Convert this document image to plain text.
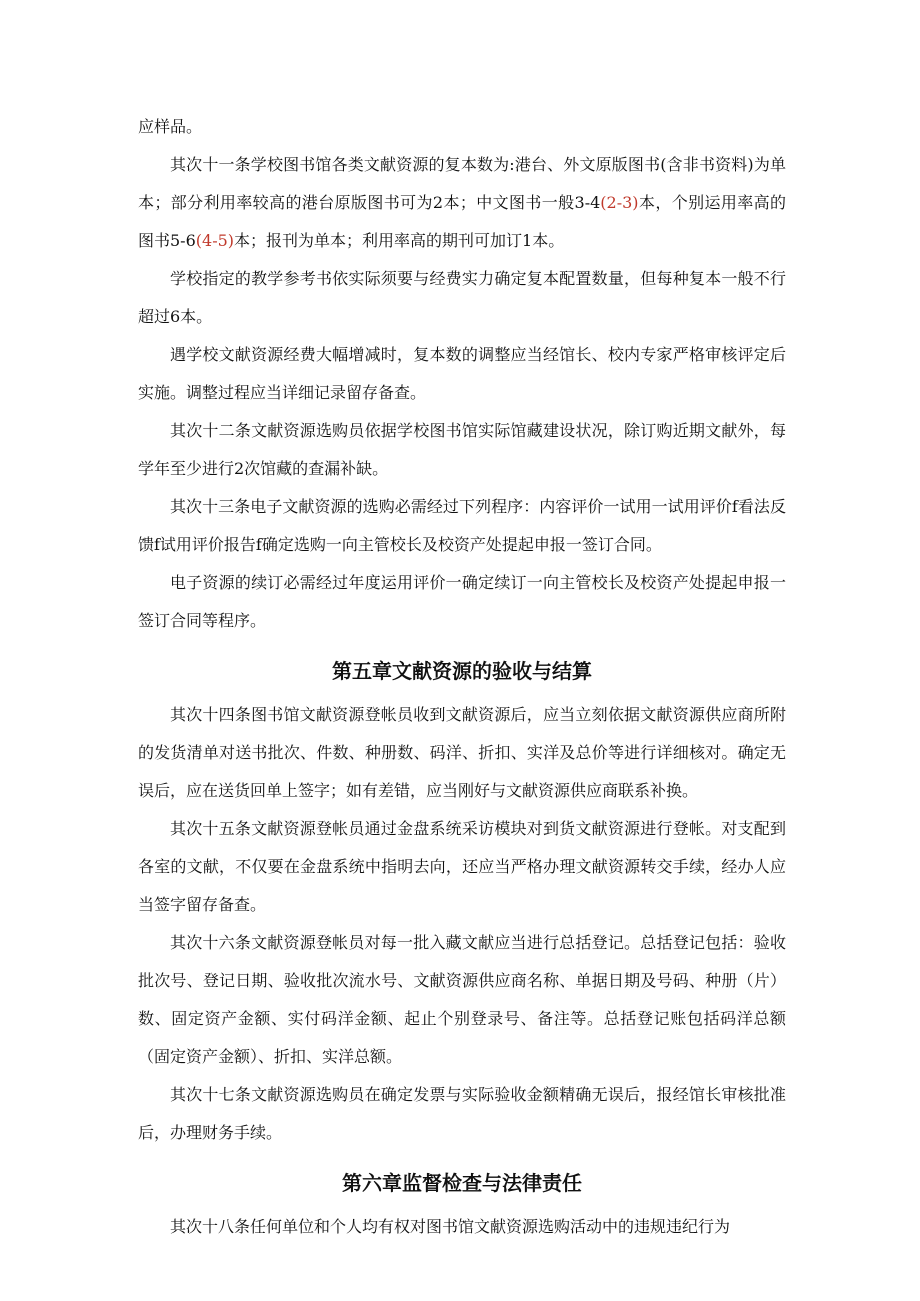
应样品。

其次十一条学校图书馆各类文献资源的复本数为:港台、外文原版图书(含非书资料)为单本；部分利用率较高的港台原版图书可为2本；中文图书一般3-4(2-3)本，个别运用率高的图书5-6(4-5)本；报刊为单本；利用率高的期刊可加订1本。

学校指定的教学参考书依实际须要与经费实力确定复本配置数量，但每种复本一般不行超过6本。

遇学校文献资源经费大幅增减时，复本数的调整应当经馆长、校内专家严格审核评定后实施。调整过程应当详细记录留存备查。

其次十二条文献资源选购员依据学校图书馆实际馆藏建设状况，除订购近期文献外，每学年至少进行2次馆藏的查漏补缺。

其次十三条电子文献资源的选购必需经过下列程序：内容评价一试用一试用评价f看法反馈f试用评价报告f确定选购一向主管校长及校资产处提起申报一签订合同。

电子资源的续订必需经过年度运用评价一确定续订一向主管校长及校资产处提起申报一签订合同等程序。

第五章文献资源的验收与结算

其次十四条图书馆文献资源登帐员收到文献资源后，应当立刻依据文献资源供应商所附的发货清单对送书批次、件数、种册数、码洋、折扣、实洋及总价等进行详细核对。确定无误后，应在送货回单上签字；如有差错，应当刚好与文献资源供应商联系补换。

其次十五条文献资源登帐员通过金盘系统采访模块对到货文献资源进行登帐。对支配到各室的文献，不仅要在金盘系统中指明去向，还应当严格办理文献资源转交手续，经办人应当签字留存备查。

其次十六条文献资源登帐员对每一批入藏文献应当进行总括登记。总括登记包括：验收批次号、登记日期、验收批次流水号、文献资源供应商名称、单据日期及号码、种册（片）数、固定资产金额、实付码洋金额、起止个别登录号、备注等。总括登记账包括码洋总额（固定资产金额）、折扣、实洋总额。

其次十七条文献资源选购员在确定发票与实际验收金额精确无误后，报经馆长审核批准后，办理财务手续。

第六章监督检查与法律责任

其次十八条任何单位和个人均有权对图书馆文献资源选购活动中的违规违纪行为
